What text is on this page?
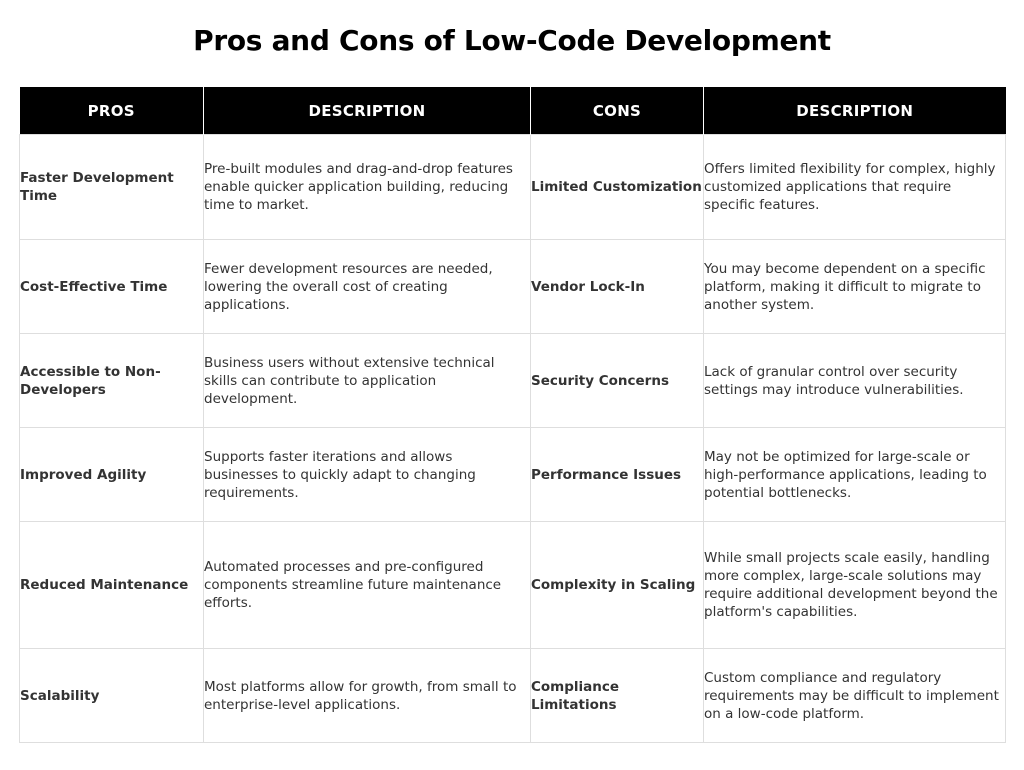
Pros and Cons of Low-Code Development
PROS	DESCRIPTION	CONS	DESCRIPTION
Faster Development Time	Pre-built modules and drag-and-drop features enable quicker application building, reducing time to market.	Limited Customization	Offers limited flexibility for complex, highly customized applications that require specific features.
Cost-Effective Time	Fewer development resources are needed, lowering the overall cost of creating applications.	Vendor Lock-In	You may become dependent on a specific platform, making it difficult to migrate to another system.
Accessible to Non-Developers	Business users without extensive technical skills can contribute to application development.	Security Concerns	Lack of granular control over security settings may introduce vulnerabilities.
Improved Agility	Supports faster iterations and allows businesses to quickly adapt to changing requirements.	Performance Issues	May not be optimized for large-scale or high-performance applications, leading to potential bottlenecks.
Reduced Maintenance	Automated processes and pre-configured components streamline future maintenance efforts.	Complexity in Scaling	While small projects scale easily, handling more complex, large-scale solutions may require additional development beyond the platform's capabilities.
Scalability	Most platforms allow for growth, from small to enterprise-level applications.	Compliance Limitations	Custom compliance and regulatory requirements may be difficult to implement on a low-code platform.
